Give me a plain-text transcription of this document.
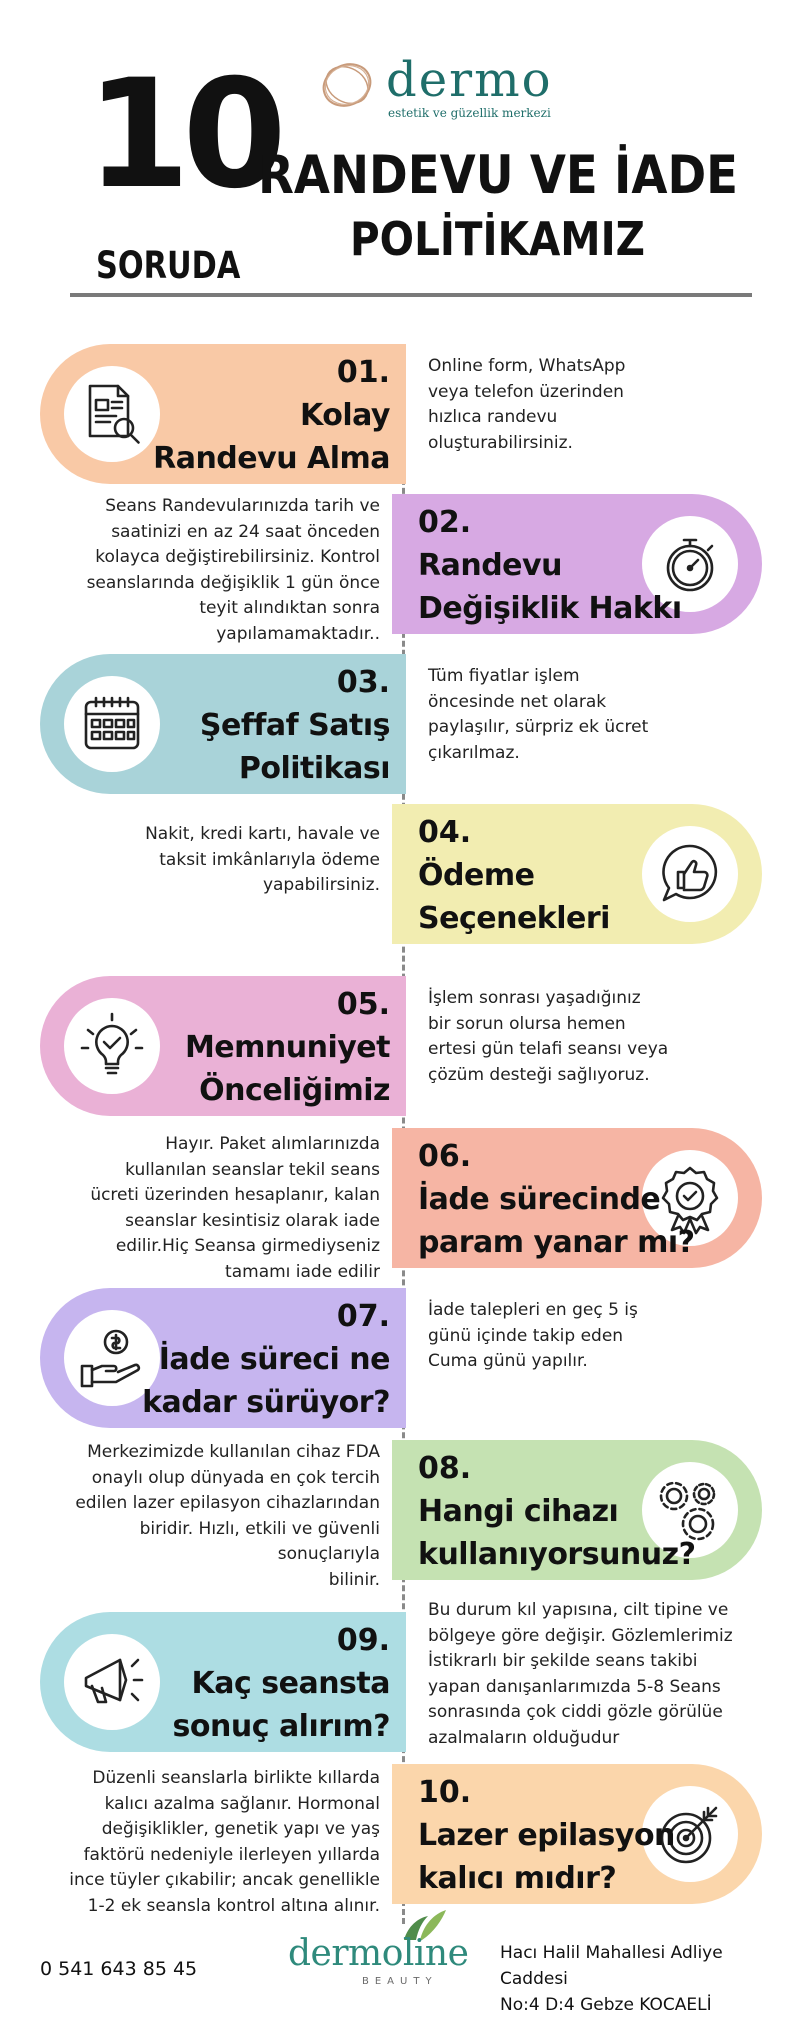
10
SORUDA
dermo
estetik ve güzellik merkezi
RANDEVU VE İADE
POLİTİKAMIZ
01.
Kolay
Randevu Alma
Online form, WhatsApp
veya telefon üzerinden
hızlıca randevu
oluşturabilirsiniz.
02.
Randevu
Değişiklik Hakkı
Seans Randevularınızda tarih ve
saatinizi en az 24 saat önceden
kolayca değiştirebilirsiniz. Kontrol
seanslarında değişiklik 1 gün önce
teyit alındıktan sonra
yapılamamaktadır..
03.
Şeffaf Satış
Politikası
Tüm fiyatlar işlem
öncesinde net olarak
paylaşılır, sürpriz ek ücret
çıkarılmaz.
04.
Ödeme
Seçenekleri
Nakit, kredi kartı, havale ve
taksit imkânlarıyla ödeme
yapabilirsiniz.
05.
Memnuniyet
Önceliğimiz
İşlem sonrası yaşadığınız
bir sorun olursa hemen
ertesi gün telafi seansı veya
çözüm desteği sağlıyoruz.
06.
İade sürecinde
param yanar mı?
Hayır. Paket alımlarınızda
kullanılan seanslar tekil seans
ücreti üzerinden hesaplanır, kalan
seanslar kesintisiz olarak iade
edilir.Hiç Seansa girmediyseniz
tamamı iade edilir
07.
İade süreci ne
kadar sürüyor?
İade talepleri en geç 5 iş
günü içinde takip eden
Cuma günü yapılır.
08.
Hangi cihazı
kullanıyorsunuz?
Merkezimizde kullanılan cihaz FDA
onaylı olup dünyada en çok tercih
edilen lazer epilasyon cihazlarından
biridir. Hızlı, etkili ve güvenli sonuçlarıyla
bilinir.
09.
Kaç seansta
sonuç alırım?
Bu durum kıl yapısına, cilt tipine ve
bölgeye göre değişir. Gözlemlerimiz
İstikrarlı bir şekilde seans takibi
yapan danışanlarımızda 5-8 Seans
sonrasında çok ciddi gözle görülüe
azalmaların olduğudur
10.
Lazer epilasyon
kalıcı mıdır?
Düzenli seanslarla birlikte kıllarda
kalıcı azalma sağlanır. Hormonal
değişiklikler, genetik yapı ve yaş
faktörü nedeniyle ilerleyen yıllarda
ince tüyler çıkabilir; ancak genellikle
1-2 ek seansla kontrol altına alınır.
0 541 643 85 45	dermoline
BEAUTY
Hacı Halil Mahallesi Adliye Caddesi
No:4 D:4 Gebze KOCAELİ
